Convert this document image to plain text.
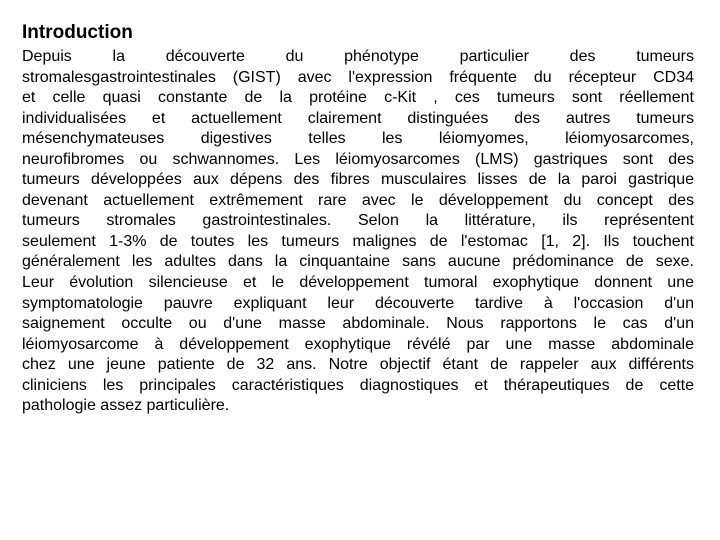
Introduction
Depuis la découverte du phénotype particulier des tumeurs
stromalesgastrointestinales (GIST) avec l'expression fréquente du récepteur CD34
et celle quasi constante de la protéine c-Kit , ces tumeurs sont réellement
individualisées et actuellement clairement distinguées des autres tumeurs
mésenchymateuses digestives telles les léiomyomes, léiomyosarcomes,
neurofibromes ou schwannomes. Les léiomyosarcomes (LMS) gastriques sont des
tumeurs développées aux dépens des fibres musculaires lisses de la paroi gastrique
devenant actuellement extrêmement rare avec le développement du concept des
tumeurs stromales gastrointestinales. Selon la littérature, ils représentent
seulement 1-3% de toutes les tumeurs malignes de l'estomac [1, 2]. Ils touchent
généralement les adultes dans la cinquantaine sans aucune prédominance de sexe.
Leur évolution silencieuse et le développement tumoral exophytique donnent une
symptomatologie pauvre expliquant leur découverte tardive à l'occasion d'un
saignement occulte ou d'une masse abdominale. Nous rapportons le cas d'un
léiomyosarcome à développement exophytique révélé par une masse abdominale
chez une jeune patiente de 32 ans. Notre objectif étant de rappeler aux différents
cliniciens les principales caractéristiques diagnostiques et thérapeutiques de cette
pathologie assez particulière.
